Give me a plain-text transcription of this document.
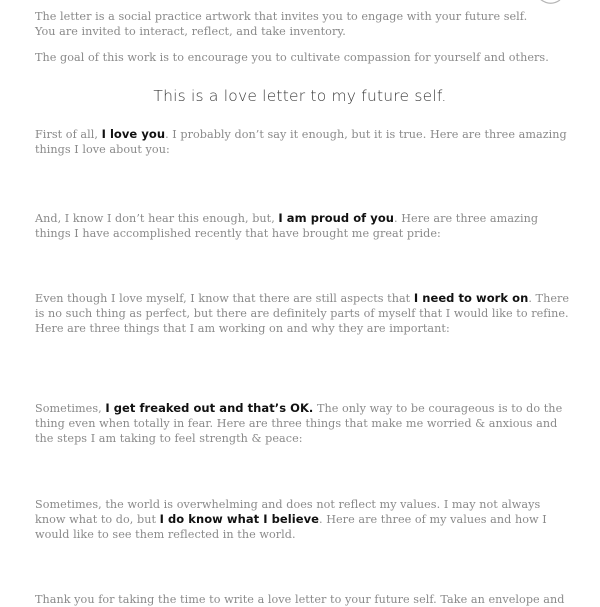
The letter is a social practice artwork that invites you to engage with your future self.
You are invited to interact, reflect, and take inventory.

The goal of this work is to encourage you to cultivate compassion for yourself and others.

This is a love letter to my future self.

First of all, I love you. I probably don’t say it enough, but it is true. Here are three amazing things I love about you:

And, I know I don’t hear this enough, but, I am proud of you. Here are three amazing things I have accomplished recently that have brought me great pride:

Even though I love myself, I know that there are still aspects that I need to work on. There is no such thing as perfect, but there are definitely parts of myself that I would like to refine. Here are three things that I am working on and why they are important:

Sometimes, I get freaked out and that’s OK. The only way to be courageous is to do the thing even when totally in fear. Here are three things that make me worried & anxious and the steps I am taking to feel strength & peace:

Sometimes, the world is overwhelming and does not reflect my values. I may not always know what to do, but I do know what I believe. Here are three of my values and how I would like to see them reflected in the world.

Thank you for taking the time to write a love letter to your future self. Take an envelope and
